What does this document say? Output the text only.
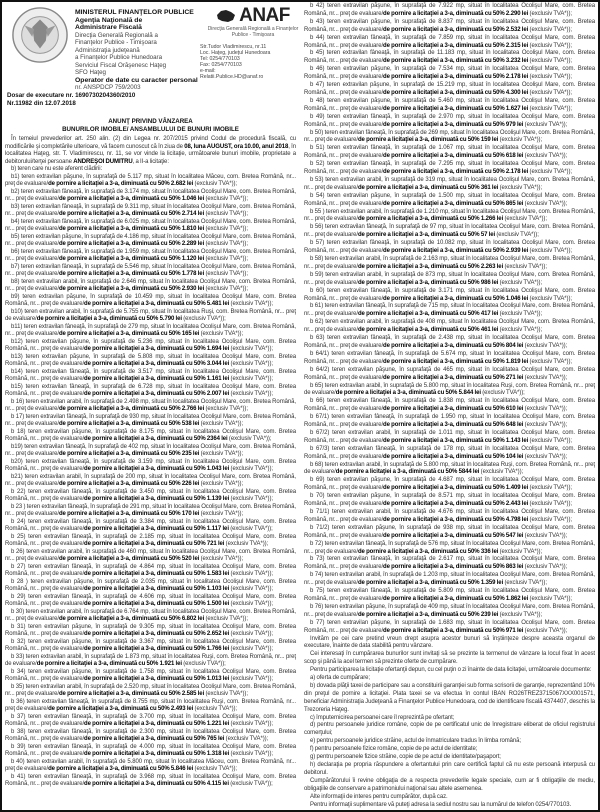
MINISTERUL FINANŢELOR PUBLICE
Agenţia Naţională de
Administrare Fiscală
Direcţia Generală Regională a
Finanţelor Publice - Timişoara
Administraţia judeţeană
a Finanţelor Publice Hunedoara
Serviciul Fiscal Orăşenesc Haţeg
SFO Haţeg
Operator de date cu caracter personal
nr. ANSPDCP 759/2003
ANAF
Direcţia Generală Regională a Finanţelor Publice - Timişoara
Str.Tudor Vladimirescu, nr.11
Loc. Haţeg, judeţul Hunedoara
Tel: 0254/770103
Fax: 0254/770103
e-mail:
Relatii.Publice.HD@anaf.ro
Dosar de executare nr. 1690730204360/2010
Nr.11982 din 12.07.2018
ANUNŢ PRIVIND VÂNZAREA
BUNURILOR IMOBILE/ ANSAMBLULUI DE BUNURI IMOBILE

În temeiul prevederilor art. 250 alin. (2) din Legea nr. 207/2015 privind Codul de procedură fiscală, cu modificările şi completările ulterioare, vă facem cunoscut că în ziua de 08, luna AUGUST, ora 10.00, anul 2018, în localitatea Haţeg, str. T. Vladimirescu, nr. 11, se vor vinde la licitaţie, următoarele bunuri imobile, proprietate a debitorului/terţei persoane ANDREŞOI DUMITRU, a II-a licitaţie:

b) teren care nu este aferent clădirii:

b1) teren extravilan păşune, în suprafaţă de 5.117 mp, situat în localitatea Măceu, com. Bretea Română, nr... preţ de evaluare/de pornire a licitaţiei a 3-a, diminuată cu 50% 2.682 lei (exclusiv TVA*));

b2) teren extravilan fâneaţă, în suprafaţă de 3.174 mp, situat în localitatea Ocolişul Mare, com. Bretea Română, nr... preţ de evaluare/de pornire a licitaţiei a 3-a, diminuată cu 50% 1.046 lei (exclusiv TVA*));

b3) teren extravilan fâneaţă, în suprafaţă de 9.311 mp, situat în localitatea Ocolişul Mare, com. Bretea Română, nr... preţ de evaluare/de pornire a licitaţiei a 3-a, diminuată cu 50% 2.714 lei (exclusiv TVA*));

b4) teren extravilan fâneaţă, în suprafaţă de 6.025 mp, situat în localitatea Ocolişul Mare, com. Bretea Română, nr... preţ de evaluare/de pornire a licitaţiei a 3-a, diminuată cu 50% 1.810 lei (exclusiv TVA*));

b5) teren extravilan păşune, în suprafaţă de 4.186 mp, situat în localitatea Ocolişul Mare, com. Bretea Română, nr... preţ de evaluare/de pornire a licitaţiei a 3-a, diminuată cu 50% 2.289 lei (exclusiv TVA*));

b6) teren extravilan fâneaţă, în suprafaţă de 1.959 mp, situat în localitatea Ocolişul Mare, com. Bretea Română, nr... preţ de evaluare/de pornire a licitaţiei a 3-a, diminuată cu 50% 1.120 lei (exclusiv TVA*));

b7) teren extravilan fâneaţă, în suprafaţă de 5.546 mp, situat în localitatea Ocolişul Mare, com. Bretea Română, nr... preţ de evaluare/de pornire a licitaţiei a 3-a, diminuată cu 50% 1.778 lei (exclusiv TVA*));

b8) teren extravilan arabil, în suprafaţă de 2.646 mp, situat în localitatea Ocolişul Mare, com. Bretea Română, nr... preţ de evaluare/de pornire a licitaţiei a 3-a, diminuată cu 50% 2.930 lei (exclusiv TVA*));

b9) teren extravilan păşune, în suprafaţă de 10.459 mp, situat în localitatea Ocolişul Mare, com. Bretea Română, nr... preţ de evaluare/de pornire a licitaţiei a 3-a, diminuată cu 50% 5.481 lei (exclusiv TVA*));

b10) teren extravilan arabil, în suprafaţă de 5.755 mp, situat în localitatea Ruşi, com. Bretea Română, nr... preţ de evaluare/de pornire a licitaţiei a 3-a, diminuată cu 50% 5.790 lei (exclusiv TVA*));

b11) teren extravilan fâneaţă, în suprafaţă de 279 mp, situat în localitatea Ocolişul Mare, com. Bretea Română, nr... preţ de evaluare/de pornire a licitaţiei a 3-a, diminuată cu 50% 165 lei (exclusiv TVA*));

b12) teren extravilan păşune, în suprafaţă de 5.236 mp, situat în localitatea Ocolişul Mare, com. Bretea Română, nr... preţ de evaluare/de pornire a licitaţiei a 3-a, diminuată cu 50% 1.694 lei (exclusiv TVA*));

b13) teren extravilan păşune, în suprafaţă de 5.808 mp, situat în localitatea Ocolişul Mare, com. Bretea Română, nr... preţ de evaluare/de pornire a licitaţiei a 3-a, diminuată cu 50% 3.044 lei (exclusiv TVA*));

b14) teren extravilan fâneaţă, în suprafaţă de 3.517 mp, situat în localitatea Ocolişul Mare, com. Bretea Română, nr... preţ de evaluare/de pornire a licitaţiei a 3-a, diminuată cu 50% 1.161 lei (exclusiv TVA*));

b15) teren extravilan fâneaţă, în suprafaţă de 6.728 mp, situat în localitatea Ocolişul Mare, com. Bretea Română, nr... preţ de evaluare/de pornire a licitaţiei a 3-a, diminuată cu 50% 2.007 lei (exclusiv TVA*));

b 16) teren extravilan arabil, în suprafaţă de 2.498 mp, situat în localitatea Ocolişul Mare, com. Bretea Română, nr... preţ de evaluare/de pornire a licitaţiei a 3-a, diminuată cu 50% 2.766 lei (exclusiv TVA*));

b 17) teren extravilan fâneaţă, în suprafaţă de 930 mp, situat în localitatea Ocolişul Mare, com. Bretea Română, nr... preţ de evaluare/de pornire a licitaţiei a 3-a, diminuată cu 50% 538 lei (exclusiv TVA*));

b 18) teren extravilan păşune, în suprafaţă de 8.175 mp, situat în localitatea Ocolişul Mare, com. Bretea Română, nr... preţ de evaluare/de pornire a licitaţiei a 3-a, diminuată cu 50% 2364 lei (exclusiv TVA*));

b19) teren extravilan fâneaţă, în suprafaţă de 402 mp, situat în localitatea Ocolişul Mare, com. Bretea Română, nr... preţ de evaluare/de pornire a licitaţiei a 3-a, diminuată cu 50% 235 lei (exclusiv TVA*));

b20) teren extravilan fâneaţă, în suprafaţă de 3.159 mp, situat în localitatea Ocolişul Mare, com. Bretea Română, nr... preţ de evaluare/de pornire a licitaţiei a 3-a, diminuată cu 50% 1.043 lei (exclusiv TVA*));

b21) teren extravilan arabil, în suprafaţă de 200 mp, situat în localitatea Ocolişul Mare, com. Bretea Română, nr... preţ de evaluare/de pornire a licitaţiei a 3-a, diminuată cu 50% 226 lei (exclusiv TVA*));

b 22) teren extravilan fâneaţă, în suprafaţă de 3.450 mp, situat în localitatea Ocolişul Mare, com. Bretea Română, nr... preţ de evaluare/de pornire a licitaţiei a 3-a, diminuată cu 50% 1.139 lei (exclusiv TVA*));

b 23 ) teren extravilan fâneaţă, în suprafaţă de 291 mp, situat în localitatea Ocolişul Mare, com. Bretea Română, nr... preţ de evaluare/de pornire a licitaţiei a 3-a, diminuată cu 50% 170 lei (exclusiv TVA*));

b 24) teren extravilan fâneaţă, în suprafaţă de 3.384 mp, situat în localitatea Ocolişul Mare, com. Bretea Română, nr... preţ de evaluare/de pornire a licitaţiei a 3-a, diminuată cu 50% 1.117 lei (exclusiv TVA*));

b 25) teren extravilan fâneaţă, în suprafaţă de 2.185 mp, situat în localitatea Ocolişul Mare, com. Bretea Română, nr... preţ de evaluare/de pornire a licitaţiei a 3-a, diminuată cu 50% 721 lei (exclusiv TVA*));

b 26) teren extravilan arabil, în suprafaţă de 460 mp, situat în localitatea Ocolişul Mare, com. Bretea Română, nr... preţ de evaluare/de pornire a licitaţiei a 3-a, diminuată cu 50% 520 lei (exclusiv TVA*));

b 27) teren extravilan fâneaţă, în suprafaţă de 4.864 mp, situat în localitatea Ocolişul Mare, com. Bretea Română, nr... preţ de evaluare/de pornire a licitaţiei a 3-a, diminuată cu 50% 1.583 lei (exclusiv TVA*));

b 28 ) teren extravilan păşune, în suprafaţă de 2.035 mp, situat în localitatea Ocolişul Mare, com. Bretea Română, nr... preţ de evaluare/de pornire a licitaţiei a 3-a, diminuată cu 50% 1.103 lei (exclusiv TVA*));

b 29) teren extravilan fâneaţă, în suprafaţă de 4.606 mp, situat în localitatea Ocolişul Mare, com. Bretea Română, nr... preţ de evaluare/de pornire a licitaţiei a 3-a, diminuată cu 50% 1.500 lei (exclusiv TVA*));

b 30) teren extravilan arabil, în suprafaţă de 6.764 mp, situat în localitatea Ocolişul Mare, com. Bretea Română, nr... preţ de evaluare/de pornire a licitaţiei a 3-a, diminuată cu 50% 6.802 lei (exclusiv TVA*));

b 31) teren extravilan păşune, în suprafaţă de 9.305 mp, situat în localitatea Ocolişul Mare, com. Bretea Română, nr... preţ de evaluare/de pornire a licitaţiei a 3-a, diminuată cu 50% 2.652 lei (exclusiv TVA*));

b 32) teren extravilan păşune, în suprafaţă de 3.367 mp, situat în localitatea Ocolişul Mare, com. Bretea Română, nr... preţ de evaluare/de pornire a licitaţiei a 3-a, diminuată cu 50% 1.766 lei (exclusiv TVA*));

b 33) teren extravilan arabil, în suprafaţă de 1.873 mp, situat în localitatea Ruşi, com. Bretea Română, nr... preţ de evaluare/de pornire a licitaţiei a 3-a, diminuată cu 50% 1.921 lei (exclusiv TVA*));

b 34) teren extravilan păşune, în suprafaţă de 1.758 mp, situat în localitatea Ocolişul Mare, com. Bretea Română, nr... preţ de evaluare/de pornire a licitaţiei a 3-a, diminuată cu 50% 1.013 lei (exclusiv TVA*));

b 35) teren extravilan arabil, în suprafaţă de 2.520 mp, situat în localitatea Ocolişul Mare, com. Bretea Română, nr... preţ de evaluare/de pornire a licitaţiei a 3-a, diminuată cu 50% 2.585 lei (exclusiv TVA*));

b 36) teren extravilan fâneaţă, în suprafaţă de 8.755 mp, situat în localitatea Ruşi, com. Bretea Română, nr... preţ de evaluare/de pornire a licitaţiei a 3-a, diminuată cu 50% 2.493 lei (exclusiv TVA*));

b 37) teren extravilan fâneaţă, în suprafaţă de 3.700 mp, situat în localitatea Ocolişul Mare, com. Bretea Română, nr... preţ de evaluare/de pornire a licitaţiei a 3-a, diminuată cu 50% 1.221 lei (exclusiv TVA*));

b 38) teren extravilan fâneaţă, în suprafaţă de 2.300 mp, situat în localitatea Ocolişul Mare, com. Bretea Română, nr... preţ de evaluare/de pornire a licitaţiei a 3-a, diminuată cu 50% 765 lei (exclusiv TVA*));

b 39) teren extravilan fâneaţă, în suprafaţă de 4.000 mp, situat în localitatea Ocolişul Mare, com. Bretea Română, nr... preţ de evaluare/de pornire a licitaţiei a 3-a, diminuată cu 50% 1.318 lei (exclusiv TVA*));

b 40) teren extravilan arabil, în suprafaţă de 5.800 mp, situat în localitatea Măceu, com. Bretea Română, nr... preţ de evaluare/de pornire a licitaţiei a 3-a, diminuată cu 50% 5.846 lei (exclusiv TVA*));

b 41) teren extravilan fâneaţă, în suprafaţă de 3.968 mp, situat în localitatea Ocolişul Mare, com. Bretea Română, nr... preţ de evaluare/de pornire a licitaţiei a 3-a, diminuată cu 50% 4.115 lei (exclusiv TVA*));

b 42) teren extravilan păşune, în suprafaţă de 7.922 mp, situat în localitatea Ocolişul Mare, com. Bretea Română, nr... preţ de evaluare/de pornire a licitaţiei a 3-a, diminuată cu 50% 2.290 lei (exclusiv TVA*));

b 43) teren extravilan păşune, în suprafaţă de 8.837 mp, situat în localitatea Ocolişul Mare, com. Bretea Română, nr... preţ de evaluare/de pornire a licitaţiei a 3-a, diminuată cu 50% 2.532 lei (exclusiv TVA*));

b 44) teren extravilan fâneaţă, în suprafaţă de 7.859 mp, situat în localitatea Ocolişul Mare, com. Bretea Română, nr... preţ de evaluare/de pornire a licitaţiei a 3-a, diminuată cu 50% 2.315 lei (exclusiv TVA*));

b 45) teren extravilan fâneaţă, în suprafaţă de 11.183 mp, situat în localitatea Ocolişul Mare, com. Bretea Română, nr... preţ de evaluare/de pornire a licitaţiei a 3-a, diminuată cu 50% 3.232 lei (exclusiv TVA*));

b 46) teren extravilan păşune, în suprafaţă de 7.534 mp, situat în localitatea Ocolişul Mare, com. Bretea Română, nr... preţ de evaluare/de pornire a licitaţiei a 3-a, diminuată cu 50% 2.178 lei (exclusiv TVA*));

b 47) teren extravilan păşune, în suprafaţă de 15.219 mp, situat în localitatea Ocolişul Mare, com. Bretea Română, nr... preţ de evaluare/de pornire a licitaţiei a 3-a, diminuată cu 50% 4.300 lei (exclusiv TVA*));

b 48) teren extravilan păşune, în suprafaţă de 5.460 mp, situat în localitatea Ocolişul Mare, com. Bretea Română, nr... preţ de evaluare/de pornire a licitaţiei a 3-a, diminuată cu 50% 1.627 lei (exclusiv TVA*));

b 49) teren extravilan fâneaţă, în suprafaţă de 2.970 mp, situat în localitatea Ocolişul Mare, com. Bretea Română, nr... preţ de evaluare/de pornire a licitaţiei a 3-a, diminuată cu 50% 979 lei (exclusiv TVA*));

b 50) teren extravilan fâneaţă, în suprafaţă de 269 mp, situat în localitatea Ocolişul Mare, com. Bretea Română, nr... preţ de evaluare/de pornire a licitaţiei a 3-a, diminuată cu 50% 159 lei (exclusiv TVA*));

b 51) teren extravilan fâneaţă, în suprafaţă de 1.067 mp, situat în localitatea Ocolişul Mare, com. Bretea Română, nr... preţ de evaluare/de pornire a licitaţiei a 3-a, diminuată cu 50% 618 lei (exclusiv TVA*));

b 52) teren extravilan fâneaţă, în suprafaţă de 7.295 mp, situat în localitatea Ocolişul Mare, com. Bretea Română, nr... preţ de evaluare/de pornire a licitaţiei a 3-a, diminuată cu 50% 2.178 lei (exclusiv TVA*));

b 53) teren extravilan arabil, în suprafaţă de 319 mp, situat în localitatea Ocolişul Mare, com. Bretea Română, nr... preţ de evaluare/de pornire a licitaţiei a 3-a, diminuată cu 50% 361 lei (exclusiv TVA*));

b 54) teren extravilan păşune, în suprafaţă de 1.500 mp, situat în localitatea Ocolişul Mare, com. Bretea Română, nr... preţ de evaluare/de pornire a licitaţiei a 3-a, diminuată cu 50% 865 lei (exclusiv TVA*));

b 55 ) teren extravilan arabil, în suprafaţă de 1.210 mp, situat în localitatea Ocolişul Mare, com. Bretea Română, nr... preţ de evaluare/de pornire a licitaţiei a 3-a, diminuată cu 50% 1.266 lei (exclusiv TVA*));

b 56) teren extravilan fâneaţă, în suprafaţă de 97 mp, situat în localitatea Ocolişul Mare, com. Bretea Română, nr... preţ de evaluare/de pornire a licitaţiei a 3-a, diminuată cu 50% 57 lei (exclusiv TVA*));

b 57) teren extravilan fâneaţă, în suprafaţă de 10.082 mp, situat în localitatea Ocolişul Mare, com. Bretea Română, nr... preţ de evaluare/de pornire a licitaţiei a 3-a, diminuată cu 50% 2.939 lei (exclusiv TVA*));

b 58) teren extravilan arabil, în suprafaţă de 2.163 mp, situat în localitatea Ocolişul Mare, com. Bretea Română, nr... preţ de evaluare/de pornire a licitaţiei a 3-a, diminuată cu 50% 2.263 lei (exclusiv TVA*));

b 59) teren extravilan arabil, în suprafaţă de 873 mp, situat în localitatea Ocolişul Mare, com. Bretea Română, nr... preţ de evaluare/de pornire a licitaţiei a 3-a, diminuată cu 50% 986 lei (exclusiv TVA*));

b 60) teren extravilan fâneaţă, în suprafaţă de 3.171 mp, situat în localitatea Ocolişul Mare, com. Bretea Română, nr... preţ de evaluare/de pornire a licitaţiei a 3-a, diminuată cu 50% 1.046 lei (exclusiv TVA*));

b 61) teren extravilan fâneaţă, în suprafaţă de 715 mp, situat în localitatea Ocolişul Mare, com. Bretea Română, nr... preţ de evaluare/de pornire a licitaţiei a 3-a, diminuată cu 50% 417 lei (exclusiv TVA*));

b 62) teren extravilan arabil, în suprafaţă de 408 mp, situat în localitatea Ocolişul Mare, com. Bretea Română, nr... preţ de evaluare/de pornire a licitaţiei a 3-a, diminuată cu 50% 461 lei (exclusiv TVA*));

b 63) teren extravilan fâneaţă, în suprafaţă de 2.438 mp, situat în localitatea Ocolişul Mare, com. Bretea Română, nr... preţ de evaluare/de pornire a licitaţiei a 3-a, diminuată cu 50% 804 lei (exclusiv TVA*));

b 64/1) teren extravilan fâneaţă, în suprafaţă de 5.674 mp, situat în localitatea Ocolişul Mare, com. Bretea Română, nr... preţ de evaluare/de pornire a licitaţiei a 3-a, diminuată cu 50% 1.819 lei (exclusiv TVA*));

b 64/2) teren extravilan păşune, în suprafaţă de 465 mp, situat în localitatea Ocolişul Mare, com. Bretea Română, nr... preţ de evaluare/de pornire a licitaţiei a 3-a, diminuată cu 50% 271 lei (exclusiv TVA*));

b 65) teren extravilan arabil, în suprafaţă de 5.800 mp, situat în localitatea Ruşi, com. Bretea Română, nr... preţ de evaluare/de pornire a licitaţiei a 3-a, diminuată cu 50% 5.844 lei (exclusiv TVA*));

b 66) teren extravilan fâneaţă, în suprafaţă de 1.838 mp, situat în localitatea Ocolişul Mare, com. Bretea Română, nr... preţ de evaluare/de pornire a licitaţiei a 3-a, diminuată cu 50% 610 lei (exclusiv TVA*));

b 67/1) teren extravilan fâneaţă, în suprafaţă de 1.950 mp, situat în localitatea Ocolişul Mare, com. Bretea Română, nr... preţ de evaluare/de pornire a licitaţiei a 3-a, diminuată cu 50% 648 lei (exclusiv TVA*));

b 67/2) teren extravilan arabil, în suprafaţă de 1.011 mp, situat în localitatea Ocolişul Mare, com. Bretea Română, nr... preţ de evaluare/de pornire a licitaţiei a 3-a, diminuată cu 50% 1.143 lei (exclusiv TVA*));

b 67/3) teren extravilan fâneaţă, în suprafaţă de 178 mp, situat în localitatea Ocolişul Mare, com. Bretea Română, nr... preţ de evaluare/de pornire a licitaţiei a 3-a, diminuată cu 50% 104 lei (exclusiv TVA*));

b 68) teren extravilan arabil, în suprafaţă de 5.800 mp, situat în localitatea Ruşi, com. Bretea Română, nr... preţ de evaluare/de pornire a licitaţiei a 3-a, diminuată cu 50% 5844 lei (exclusiv TVA*));

b 69) teren extravilan păşune, în suprafaţă de 4.687 mp, situat în localitatea Ocolişul Mare, com. Bretea Română, nr... preţ de evaluare/de pornire a licitaţiei a 3-a, diminuată cu 50% 1.409 lei (exclusiv TVA*));

b 70) teren extravilan păşune, în suprafaţă de 8.571 mp, situat în localitatea Ocolişul Mare, com. Bretea Română, nr... preţ de evaluare/de pornire a licitaţiei a 3-a, diminuată cu 50% 2.443 lei (exclusiv TVA*));

b 71/1) teren extravilan arabil, în suprafaţă de 4.676 mp, situat în localitatea Ocolişul Mare, com. Bretea Română, nr... preţ de evaluare/de pornire a licitaţiei a 3-a, diminuată cu 50% 4.798 lei (exclusiv TVA*));

b 71/2) teren extravilan păşune, în suprafaţă de 938 mp, situat în localitatea Ocolişul Mare, com. Bretea Română, nr... preţ de evaluare/de pornire a licitaţiei a 3-a, diminuată cu 50% 547 lei (exclusiv TVA*));

b 72) teren extravilan fâneaţă, în suprafaţă de 576 mp, situat în localitatea Ocolişul Mare, com. Bretea Română, nr... preţ de evaluare/de pornire a licitaţiei a 3-a, diminuată cu 50% 336 lei (exclusiv TVA*));

b 73) teren extravilan fâneaţă, în suprafaţă de 2.617 mp, situat în localitatea Ocolişul Mare, com. Bretea Română, nr... preţ de evaluare/de pornire a licitaţiei a 3-a, diminuată cu 50% 863 lei (exclusiv TVA*));

b 74) teren extravilan arabil, în suprafaţă de 1.203 mp, situat în localitatea Ocolişul Mare, com. Bretea Română, nr... preţ de evaluare/de pornire a licitaţiei a 3-a, diminuată cu 50% 1.359 lei (exclusiv TVA*));

b 75) teren extravilan fâneaţă, în suprafaţă de 5.809 mp, situat în localitatea Ocolişul Mare, com. Bretea Română, nr... preţ de evaluare/de pornire a licitaţiei a 3-a, diminuată cu 50% 1.862 lei (exclusiv TVA*));

b 76) teren extravilan păşune, în suprafaţă de 409 mp, situat în localitatea Ocolişul Mare, com. Bretea Română, nr... preţ de evaluare/de pornire a licitaţiei a 3-a, diminuată cu 50% 239 lei (exclusiv TVA*));

b 77) teren extravilan păşune, în suprafaţă de 1.683 mp, situat în localitatea Ocolişul Mare, com. Bretea Română, nr... preţ de evaluare/de pornire a licitaţiei a 3-a, diminuată cu 50% 971 lei (exclusiv TVA*));

Invităm pe cei care pretind vreun drept asupra acestor bunuri să înştiinţeze despre aceasta organul de executare, înainte de data stabilită pentru vânzare.

Cei interesaţi în cumpărarea bunurilor sunt invitaţi să se prezinte la termenul de vânzare la locul fixat în acest scop şi până la acel termen să prezinte oferte de cumpărare.

Pentru participarea la licitaţie ofertanţii depun, cu cel puţin o zi înainte de data licitaţiei, următoarele documente:

a) oferta de cumpărare;

b) dovada plăţii taxei de participare sau a constituirii garanţiei sub forma scrisorii de garanţie, reprezentând 10% din preţul de pornire a licitaţiei. Plata taxei se va efectua în contul IBAN RO26TREZ3715067XXX001571, beneficiar Administraţia Judeţeană a Finanţelor Publice Hunedoara, cod de identificare fiscală 4374407, deschis la Trezoreria Haţeg.

c) împuternicirea persoanei care îl reprezintă pe ofertant;

d) pentru persoanele juridice române, copie de pe certificatul unic de înregistrare eliberat de oficiul registrului comerţului;

e) pentru persoanele juridice străine, actul de înmatriculare tradus în limba română;

f) pentru persoanele fizice române, copie de pe actul de identitate;

g) pentru persoanele fizice străine, copie de pe actul de identitate/paşaport;

h) declaraţia pe propria răspundere a ofertantului prin care certifică faptul că nu este persoană interpusă cu debitorul.

Cumpărătorului îi revine obligaţia de a respecta prevederile legale speciale, cum ar fi obligaţiile de mediu, obligaţiile de conservare a patrimoniului naţional sau altele asemenea.

Alte informaţii de interes pentru cumpărător, după caz.

Pentru informaţii suplimentare vă puteţi adresa la sediul nostru sau la numărul de telefon 0254/770103.
